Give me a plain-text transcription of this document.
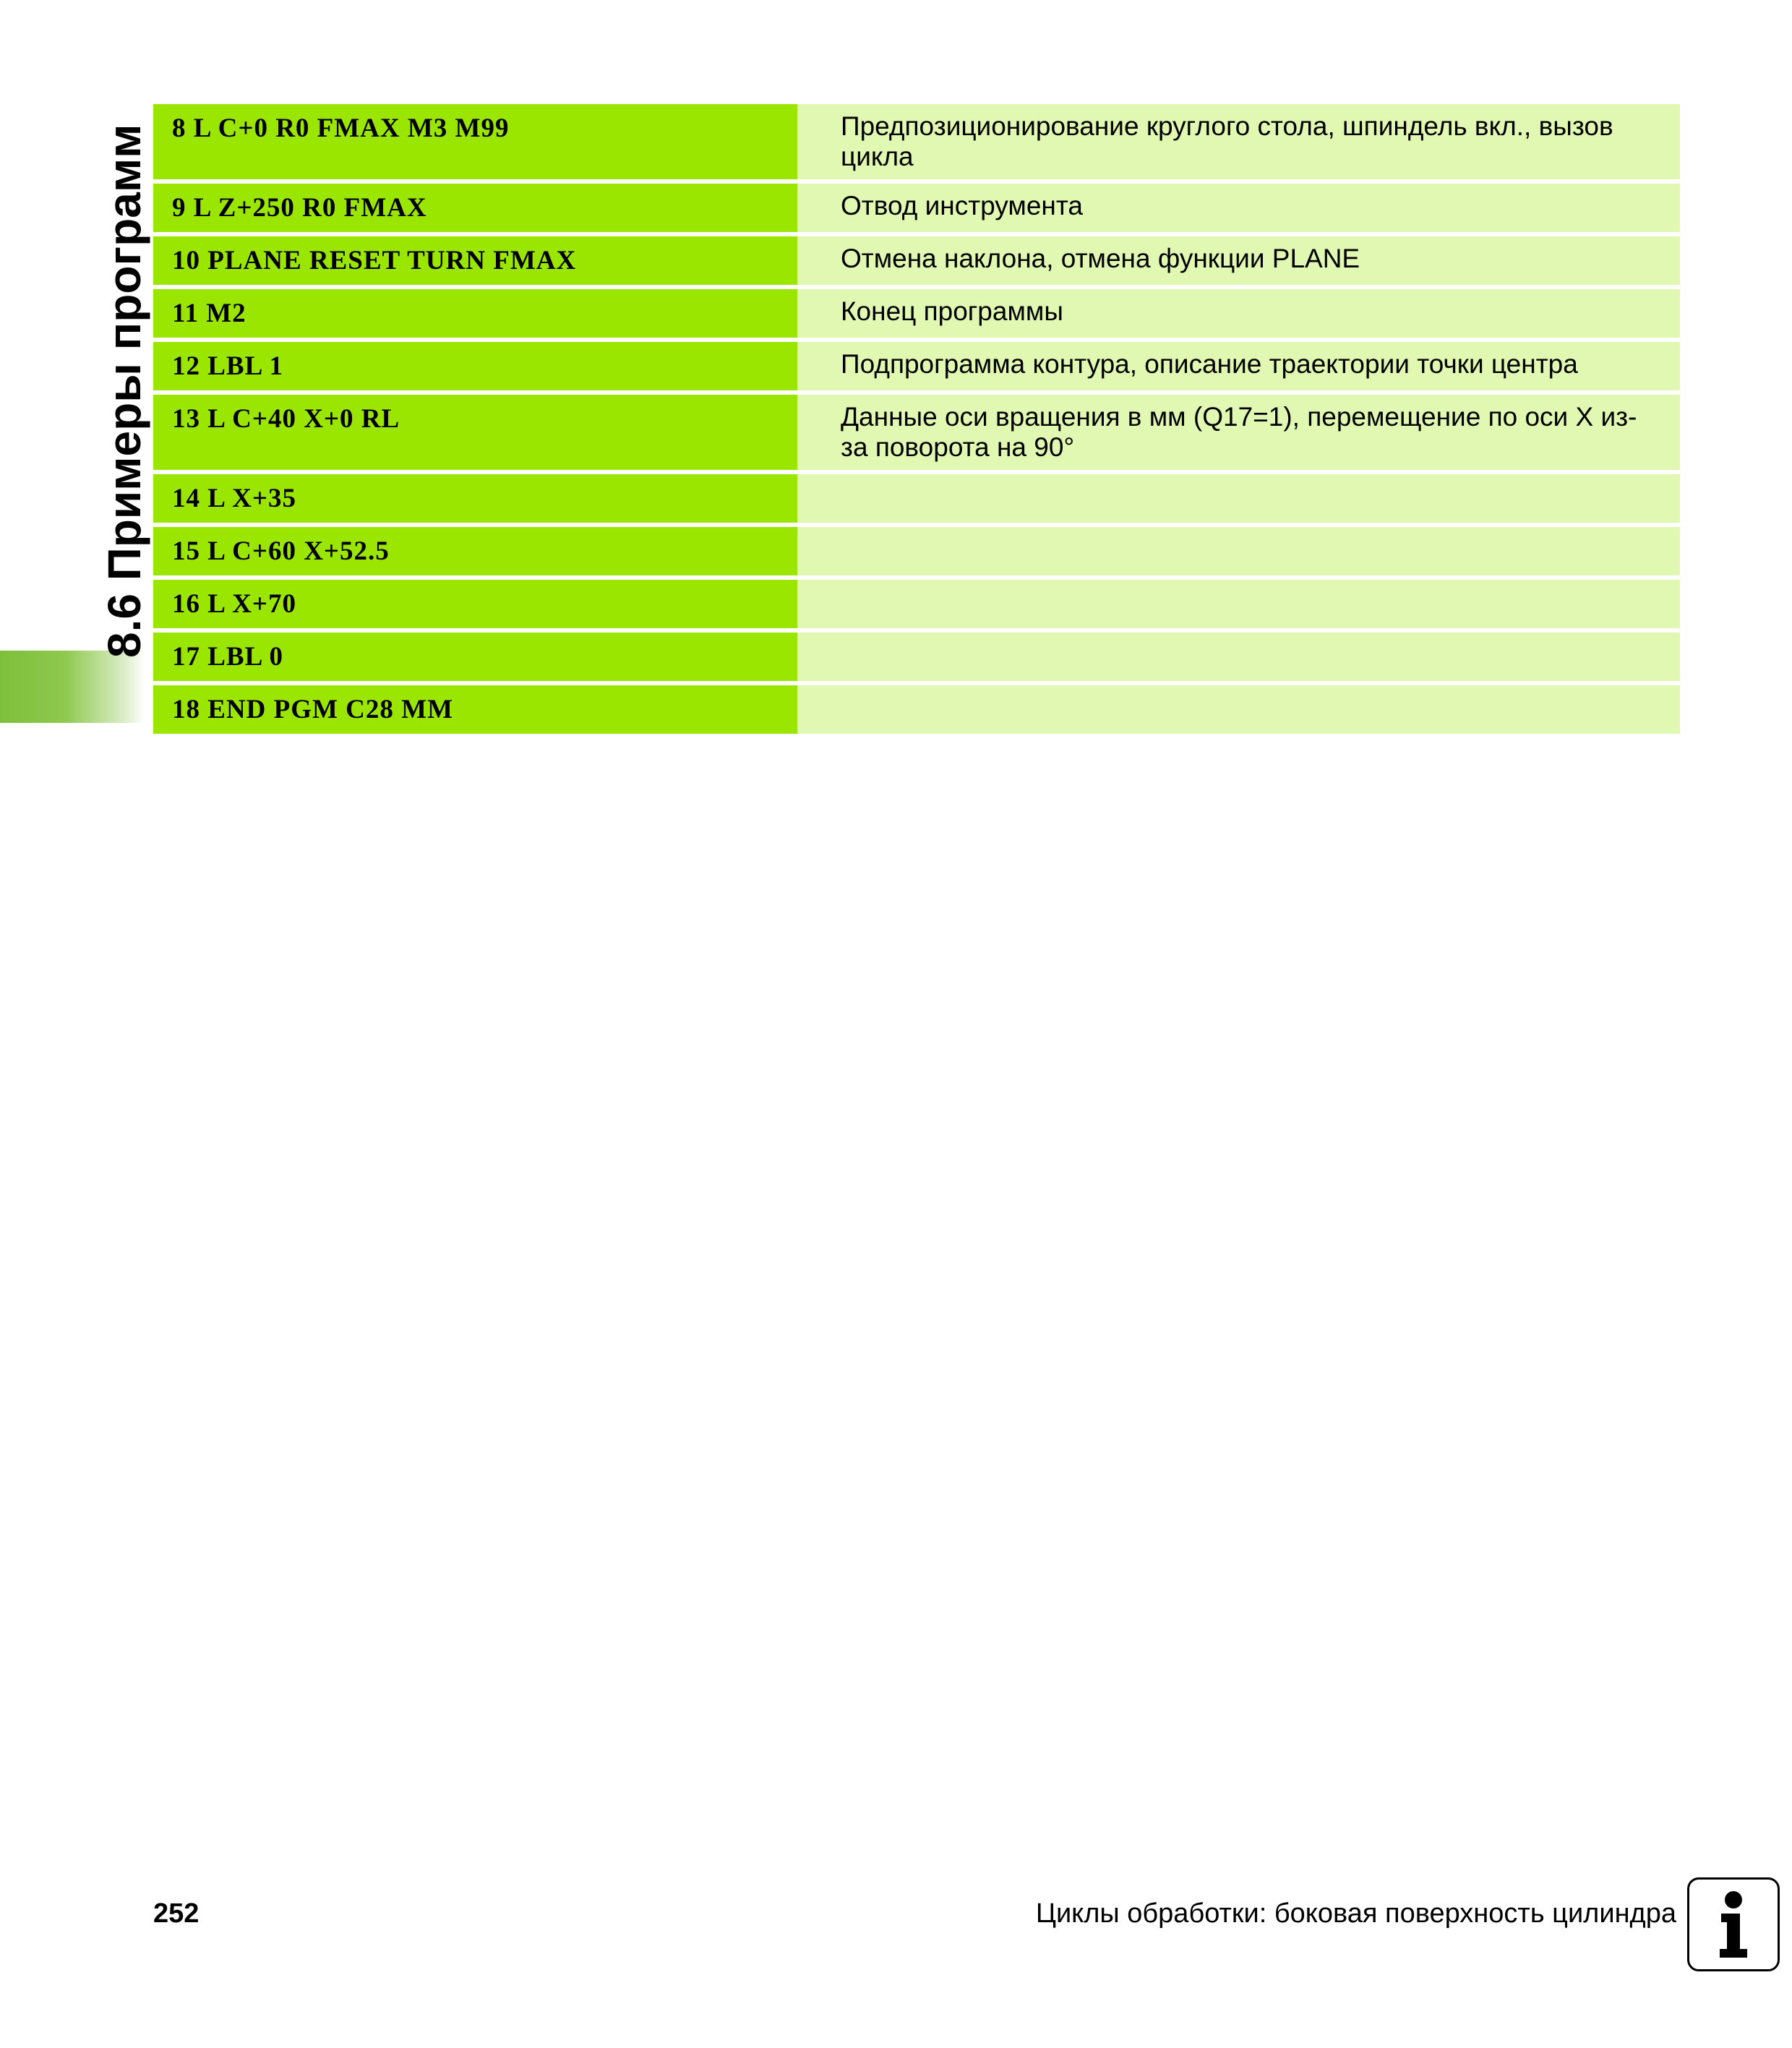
8.6 Примеры программ 8 L C+0 R0 FMAX M3 M99	Предпозиционирование круглого стола, шпиндель вкл., вызов цикла
9 L Z+250 R0 FMAX	Отвод инструмента
10 PLANE RESET TURN FMAX	Отмена наклона, отмена функции PLANE
11 M2	Конец программы
12 LBL 1	Подпрограмма контура, описание траектории точки центра
13 L C+40 X+0 RL	Данные оси вращения в мм (Q17=1), перемещение по оси X из-за поворота на 90°
14 L X+35	
15 L C+60 X+52.5	
16 L X+70	
17 LBL 0	
18 END PGM C28 MM	
252	Циклы обработки: боковая поверхность цилиндра
